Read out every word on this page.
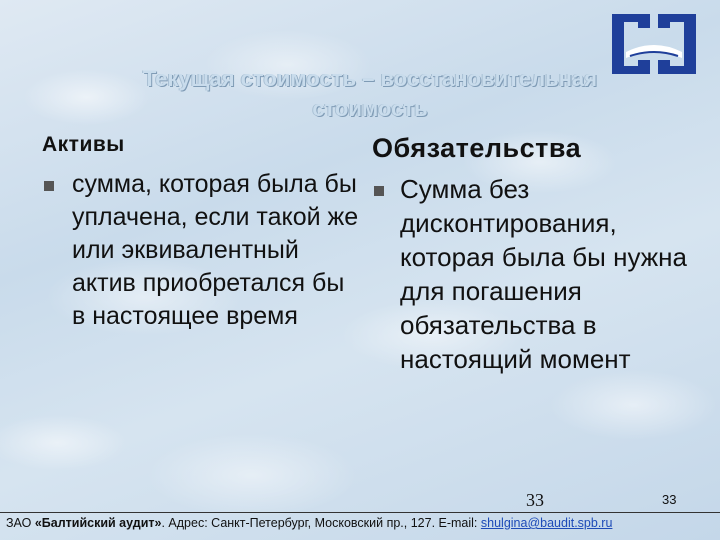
Текущая стоимость – восстановительная
стоимость
Активы	Обязательства
сумма, которая была бы уплачена, если такой же или эквивалентный актив приобретался бы в настоящее время
Сумма без дисконтирования, которая была бы нужна для погашения обязательства в настоящий момент
33	33
ЗАО «Балтийский аудит». Адрес: Санкт-Петербург, Московский пр., 127. E-mail: shulgina@baudit.spb.ru
